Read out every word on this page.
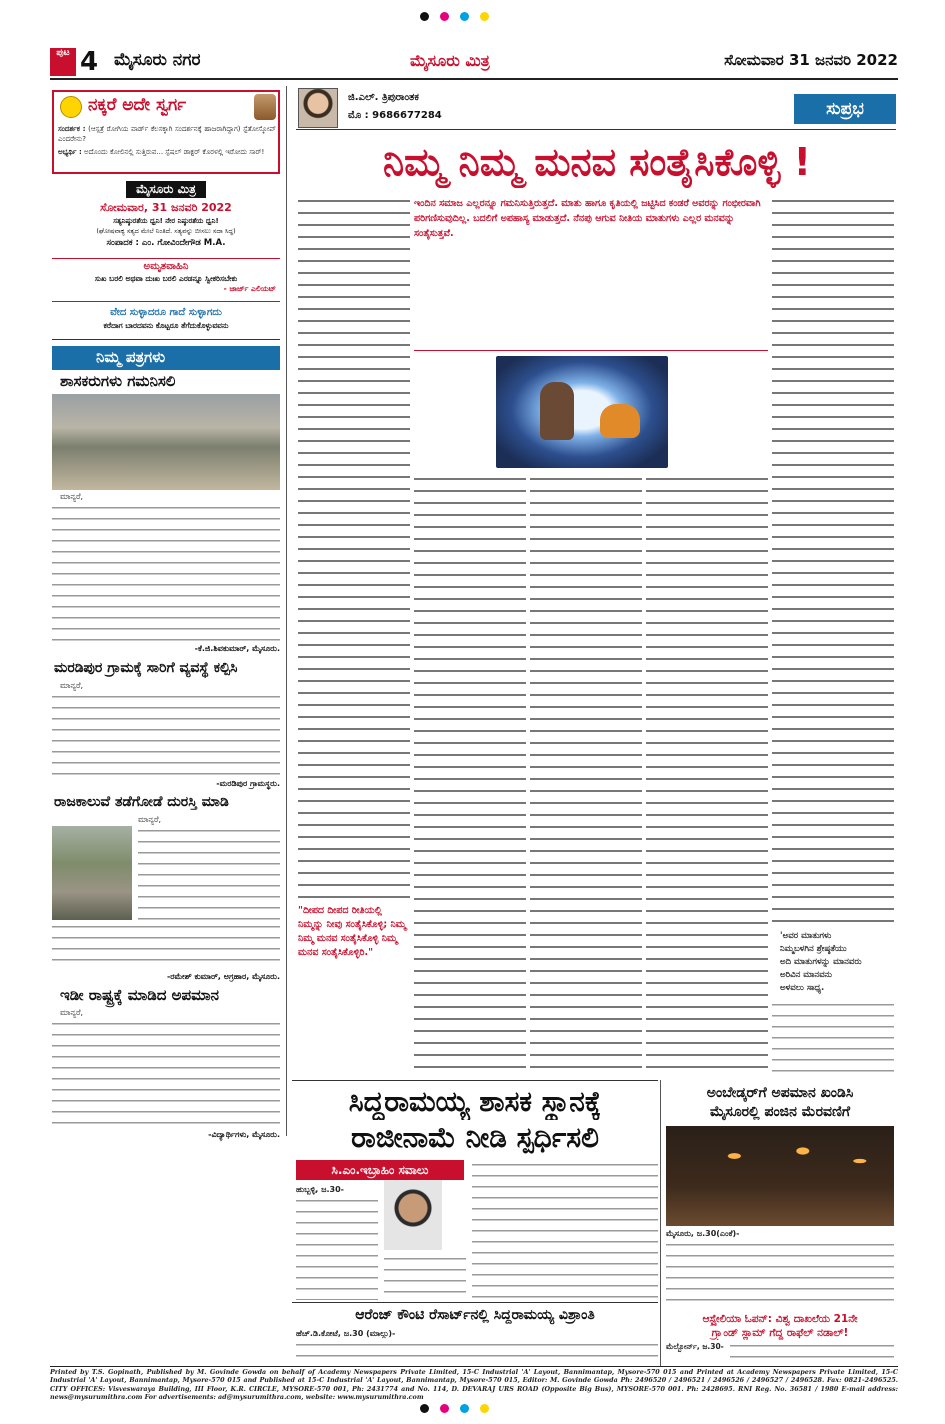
ಪುಟ 4 ಮೈಸೂರು ನಗರ	ಮೈಸೂರು ಮಿತ್ರ	ಸೋಮವಾರ 31 ಜನವರಿ 2022
ನಕ್ಕರೆ ಅದೇ ಸ್ವರ್ಗ
ಸಂದರ್ಶಕ : (ಆಸ್ಪತ್ರೆ ರೋಗಿಯ ವಾರ್ಡ್ ಕೆಲಸಕ್ಕಾಗಿ ಸಂದರ್ಶನಕ್ಕೆ ಹಾಜರಾಗಿದ್ದಾಗ) ಸ್ಟೆತೋಸ್ಕೋಪ್ ಎಂದರೇನು?
ಅಭ್ಯರ್ಥಿ : ಅದೊಂದು ಕೋಲಿನಲ್ಲಿ ಸುತ್ತಿರುವ... ಸ್ಪೆಷಲ್ ಡಾಕ್ಟರ್ ಕೊರಳಲ್ಲಿ ಇರೋದು ಸಾರ್!
ಮೈಸೂರು ಮಿತ್ರ
ಸೋಮವಾರ, 31 ಜನವರಿ 2022
ಸತ್ಯನಿಷ್ಠುರತೆಯ ಧ್ವನಿ! ನೇರ ನಿಷ್ಠುರತೆಯ ಧ್ವನಿ!
(ಘೋಷವಾಕ್ಯ ಸತ್ಯದ ಮೇಲೆ ನಿಂತಿದೆ. ಸತ್ಯವನ್ನು ಬೀಸಲು ಸದಾ ಸಿದ್ಧ)
ಸಂಪಾದಕ : ಎಂ. ಗೋವಿಂದೇಗೌಡ M.A.
ಅಮೃತವಾಹಿನಿ
ಸುಖ ಬರಲಿ ಅಥವಾ ದುಃಖ ಬರಲಿ ಎರಡನ್ನೂ ಸ್ವೀಕರಿಸಬೇಕು
- ಜಾರ್ಜ್ ಎಲಿಯಟ್
ವೇದ ಸುಳ್ಳಾದರೂ ಗಾದೆ ಸುಳ್ಳಾಗದು
ಕರೆದಾಗ ಬಾರದವನು ಕೊಟ್ಟರೂ ತೆಗೆದುಕೊಳ್ಳುವವನು
ನಿಮ್ಮ ಪತ್ರಗಳು
ಶಾಸಕರುಗಳು ಗಮನಿಸಲಿ
ಮಾನ್ಯರೆ,
-ಕೆ.ಜಿ.ಶಿವಕುಮಾರ್, ಮೈಸೂರು.
ಮರಡಿಪುರ ಗ್ರಾಮಕ್ಕೆ ಸಾರಿಗೆ ವ್ಯವಸ್ಥೆ ಕಲ್ಪಿಸಿ
ಮಾನ್ಯರೆ,
-ಮರಡಿಪುರ ಗ್ರಾಮಸ್ಥರು.
ರಾಜಕಾಲುವೆ ತಡೆಗೋಡೆ ದುರಸ್ತಿ ಮಾಡಿ
ಮಾನ್ಯರೆ,
-ರಮೇಶ್ ಕುಮಾರ್, ಅಗ್ರಹಾರ, ಮೈಸೂರು.
ಇಡೀ ರಾಷ್ಟ್ರಕ್ಕೆ ಮಾಡಿದ ಅಪಮಾನ
ಮಾನ್ಯರೆ,
-ವಿದ್ಯಾರ್ಥಿಗಳು, ಮೈಸೂರು.
ಜಿ.ಎಲ್. ತ್ರಿಪುರಾಂತಕ
ಮೊ : 9686677284	ಸುಪ್ರಭ
ನಿಮ್ಮ ನಿಮ್ಮ ಮನವ ಸಂತೈಸಿಕೊಳ್ಳಿ !
ಇಂದಿನ ಸಮಾಜ ಎಲ್ಲರನ್ನೂ ಗಮನಿಸುತ್ತಿರುತ್ತದೆ. ಮಾತು ಹಾಗೂ ಕೃತಿಯಲ್ಲಿ ಜಟ್ಟಿಸಿದ ಕಂಡರೆ ಅವರನ್ನು ಗಂಭೀರವಾಗಿ ಪರಿಗಣಿಸುವುದಿಲ್ಲ. ಬದಲಿಗೆ ಅಪಹಾಸ್ಯ ಮಾಡುತ್ತದೆ. ನೆನಪು ಆಗುವ ನೀತಿಯ ಮಾತುಗಳು ಎಲ್ಲರ ಮನವನ್ನು ಸಂತೈಸುತ್ತವೆ.
"ದೀಪದ ದೀಪದ ರೀತಿಯಲ್ಲಿ ನಿಮ್ಮನ್ನು ನೀವು ಸಂತೈಸಿಕೊಳ್ಳಿ; ನಿಮ್ಮ ನಿಮ್ಮ ಮನವ ಸಂತೈಸಿಕೊಳ್ಳಿ ನಿಮ್ಮ ಮನವ ಸಂತೈಸಿಕೊಳ್ಳಿರಿ."
'ಅವರ ಮಾತುಗಳು
ನಿಮ್ಮಬಳಗಿನ ಶ್ರೇಷ್ಠತೆಯು
ಅದಿ ಮಾತುಗಳನ್ನು ಮಾನವರು
ಅರಿವಿನ ಮಾನವನು
ಅಳವಲು ಸಾಧ್ಯ.
ಸಿದ್ದರಾಮಯ್ಯ ಶಾಸಕ ಸ್ಥಾನಕ್ಕೆ
ರಾಜೀನಾಮೆ ನೀಡಿ ಸ್ಪರ್ಧಿಸಲಿ
ಸಿ.ಎಂ.ಇಬ್ರಾಹಿಂ ಸವಾಲು
ಹುಬ್ಬಳ್ಳಿ, ಜ.30-
ಆರೆಂಜ್ ಕೌಂಟಿ ರೆಸಾರ್ಟ್‌ನಲ್ಲಿ ಸಿದ್ದರಾಮಯ್ಯ ವಿಶ್ರಾಂತಿ
ಹೆಚ್.ಡಿ.ಕೋಟೆ, ಜ.30 (ಮಾಲ್ಗು)-
ಅಂಬೇಡ್ಕರ್‌ಗೆ ಅಪಮಾನ ಖಂಡಿಸಿ
ಮೈಸೂರಲ್ಲಿ ಪಂಜಿನ ಮೆರವಣಿಗೆ
ಮೈಸೂರು, ಜ.30(ಎಂಕೆ)-
ಆಸ್ಟ್ರೇಲಿಯಾ ಓಪನ್: ವಿಶ್ವ ದಾಖಲೆಯ 21ನೇ
ಗ್ರ್ಯಾಂಡ್ ಸ್ಲಾಮ್ ಗೆದ್ದ ರಾಫೆಲ್ ನಡಾಲ್!
ಮೆಲ್ಬೋರ್ನ್, ಜ.30-
Printed by T.S. Gopinath, Published by M. Govinde Gowda on behalf of Academy Newspapers Private Limited, 15-C Industrial 'A' Layout, Bannimantap, Mysore-570 015 and Printed at Academy Newspapers Private Limited, 15-C Industrial 'A' Layout, Bannimantap, Mysore-570 015 and Published at 15-C Industrial 'A' Layout, Bannimantap, Mysore-570 015, Editor: M. Govinde Gowda Ph: 2496520 / 2496521 / 2496526 / 2496527 / 2496528. Fax: 0821-2496525. CITY OFFICES: Visveswaraya Building, III Floor, K.R. CIRCLE, MYSORE-570 001, Ph: 2431774 and No. 114, D. DEVARAJ URS ROAD (Opposite Big Bus), MYSORE-570 001. Ph: 2428695. RNI Reg. No. 36581 / 1980 E-mail address: news@mysurumithra.com For advertisements: ad@mysurumithra.com, website: www.mysurumithra.com
